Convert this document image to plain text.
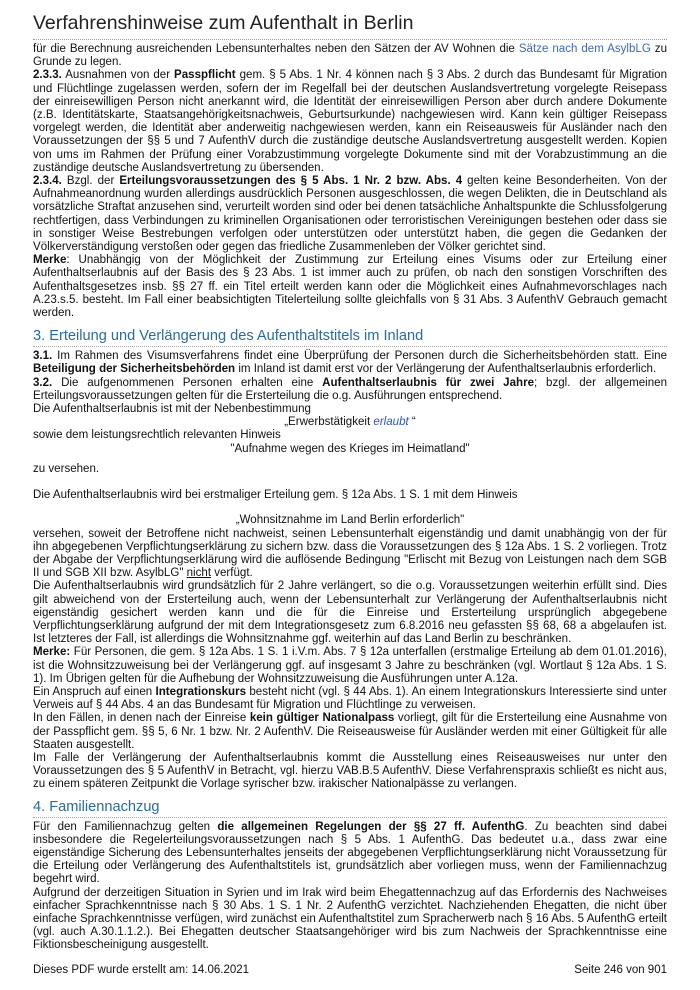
Verfahrenshinweise zum Aufenthalt in Berlin

für die Berechnung ausreichenden Lebensunterhaltes neben den Sätzen der AV Wohnen die Sätze nach dem AsylbLG zu Grunde zu legen.

2.3.3. Ausnahmen von der Passpflicht gem. § 5 Abs. 1 Nr. 4 können nach § 3 Abs. 2 durch das Bundesamt für Migration und Flüchtlinge zugelassen werden, sofern der im Regelfall bei der deutschen Auslandsvertretung vorgelegte Reisepass der einreisewilligen Person nicht anerkannt wird, die Identität der einreisewilligen Person aber durch andere Dokumente (z.B. Identitätskarte, Staatsangehörigkeitsnachweis, Geburtsurkunde) nachgewiesen wird. Kann kein gültiger Reisepass vorgelegt werden, die Identität aber anderweitig nachgewiesen werden, kann ein Reiseausweis für Ausländer nach den Voraussetzungen der §§ 5 und 7 AufenthV durch die zuständige deutsche Auslandsvertretung ausgestellt werden. Kopien von ums im Rahmen der Prüfung einer Vorabzustimmung vorgelegte Dokumente sind mit der Vorabzustimmung an die zuständige deutsche Auslandsvertretung zu übersenden.

2.3.4. Bzgl. der Erteilungsvoraussetzungen des § 5 Abs. 1 Nr. 2 bzw. Abs. 4 gelten keine Besonderheiten. Von der Aufnahmeanordnung wurden allerdings ausdrücklich Personen ausgeschlossen, die wegen Delikten, die in Deutschland als vorsätzliche Straftat anzusehen sind, verurteilt worden sind oder bei denen tatsächliche Anhaltspunkte die Schlussfolgerung rechtfertigen, dass Verbindungen zu kriminellen Organisationen oder terroristischen Vereinigungen bestehen oder dass sie in sonstiger Weise Bestrebungen verfolgen oder unterstützen oder unterstützt haben, die gegen die Gedanken der Völkerverständigung verstoßen oder gegen das friedliche Zusammenleben der Völker gerichtet sind.

Merke: Unabhängig von der Möglichkeit der Zustimmung zur Erteilung eines Visums oder zur Erteilung einer Aufenthaltserlaubnis auf der Basis des § 23 Abs. 1 ist immer auch zu prüfen, ob nach den sonstigen Vorschriften des Aufenthaltsgesetzes insb. §§ 27 ff. ein Titel erteilt werden kann oder die Möglichkeit eines Aufnahmevorschlages nach A.23.s.5. besteht. Im Fall einer beabsichtigten Titelerteilung sollte gleichfalls von § 31 Abs. 3 AufenthV Gebrauch gemacht werden.

3. Erteilung und Verlängerung des Aufenthaltstitels im Inland

3.1. Im Rahmen des Visumsverfahrens findet eine Überprüfung der Personen durch die Sicherheitsbehörden statt. Eine Beteiligung der Sicherheitsbehörden im Inland ist damit erst vor der Verlängerung der Aufenthaltserlaubnis erforderlich.

3.2. Die aufgenommenen Personen erhalten eine Aufenthaltserlaubnis für zwei Jahre; bzgl. der allgemeinen Erteilungsvoraussetzungen gelten für die Ersterteilung die o.g. Ausführungen entsprechend.

Die Aufenthaltserlaubnis ist mit der Nebenbestimmung

„Erwerbstätigkeit erlaubt “

sowie dem leistungsrechtlich relevanten Hinweis

"Aufnahme wegen des Krieges im Heimatland"

zu versehen.

Die Aufenthaltserlaubnis wird bei erstmaliger Erteilung gem. § 12a Abs. 1 S. 1 mit dem Hinweis

„Wohnsitznahme im Land Berlin erforderlich"

versehen, soweit der Betroffene nicht nachweist, seinen Lebensunterhalt eigenständig und damit unabhängig von der für ihn abgegebenen Verpflichtungserklärung zu sichern bzw. dass die Voraussetzungen des § 12a Abs. 1 S. 2 vorliegen. Trotz der Abgabe der Verpflichtungserklärung wird die auflösende Bedingung "Erlischt mit Bezug von Leistungen nach dem SGB II und SGB XII bzw. AsylbLG" nicht verfügt.

Die Aufenthaltserlaubnis wird grundsätzlich für 2 Jahre verlängert, so die o.g. Voraussetzungen weiterhin erfüllt sind. Dies gilt abweichend von der Ersterteilung auch, wenn der Lebensunterhalt zur Verlängerung der Aufenthaltserlaubnis nicht eigenständig gesichert werden kann und die für die Einreise und Ersterteilung ursprünglich abgegebene Verpflichtungserklärung aufgrund der mit dem Integrationsgesetz zum 6.8.2016 neu gefassten §§ 68, 68 a abgelaufen ist. Ist letzteres der Fall, ist allerdings die Wohnsitznahme ggf. weiterhin auf das Land Berlin zu beschränken.

Merke: Für Personen, die gem. § 12a Abs. 1 S. 1 i.V.m. Abs. 7 § 12a unterfallen (erstmalige Erteilung ab dem 01.01.2016), ist die Wohnsitzzuweisung bei der Verlängerung ggf. auf insgesamt 3 Jahre zu beschränken (vgl. Wortlaut § 12a Abs. 1 S. 1). Im Übrigen gelten für die Aufhebung der Wohnsitzzuweisung die Ausführungen unter A.12a.

Ein Anspruch auf einen Integrationskurs besteht nicht (vgl. § 44 Abs. 1). An einem Integrationskurs Interessierte sind unter Verweis auf § 44 Abs. 4 an das Bundesamt für Migration und Flüchtlinge zu verweisen.

In den Fällen, in denen nach der Einreise kein gültiger Nationalpass vorliegt, gilt für die Ersterteilung eine Ausnahme von der Passpflicht gem. §§ 5, 6 Nr. 1 bzw. Nr. 2 AufenthV. Die Reiseausweise für Ausländer werden mit einer Gültigkeit für alle Staaten ausgestellt.

Im Falle der Verlängerung der Aufenthaltserlaubnis kommt die Ausstellung eines Reiseausweises nur unter den Voraussetzungen des § 5 AufenthV in Betracht, vgl. hierzu VAB.B.5 AufenthV. Diese Verfahrenspraxis schließt es nicht aus, zu einem späteren Zeitpunkt die Vorlage syrischer bzw. irakischer Nationalpässe zu verlangen.

4. Familiennachzug

Für den Familiennachzug gelten die allgemeinen Regelungen der §§ 27 ff. AufenthG. Zu beachten sind dabei insbesondere die Regelerteilungsvoraussetzungen nach § 5 Abs. 1 AufenthG. Das bedeutet u.a., dass zwar eine eigenständige Sicherung des Lebensunterhaltes jenseits der abgegebenen Verpflichtungserklärung nicht Voraussetzung für die Erteilung oder Verlängerung des Aufenthaltstitels ist, grundsätzlich aber vorliegen muss, wenn der Familiennachzug begehrt wird.

Aufgrund der derzeitigen Situation in Syrien und im Irak wird beim Ehegattennachzug auf das Erfordernis des Nachweises einfacher Sprachkenntnisse nach § 30 Abs. 1 S. 1 Nr. 2 AufenthG verzichtet. Nachziehenden Ehegatten, die nicht über einfache Sprachkenntnisse verfügen, wird zunächst ein Aufenthaltstitel zum Spracherwerb nach § 16 Abs. 5 AufenthG erteilt (vgl. auch A.30.1.1.2.). Bei Ehegatten deutscher Staatsangehöriger wird bis zum Nachweis der Sprachkenntnisse eine Fiktionsbescheinigung ausgestellt.

Dieses PDF wurde erstellt am: 14.06.2021	Seite 246 von 901
